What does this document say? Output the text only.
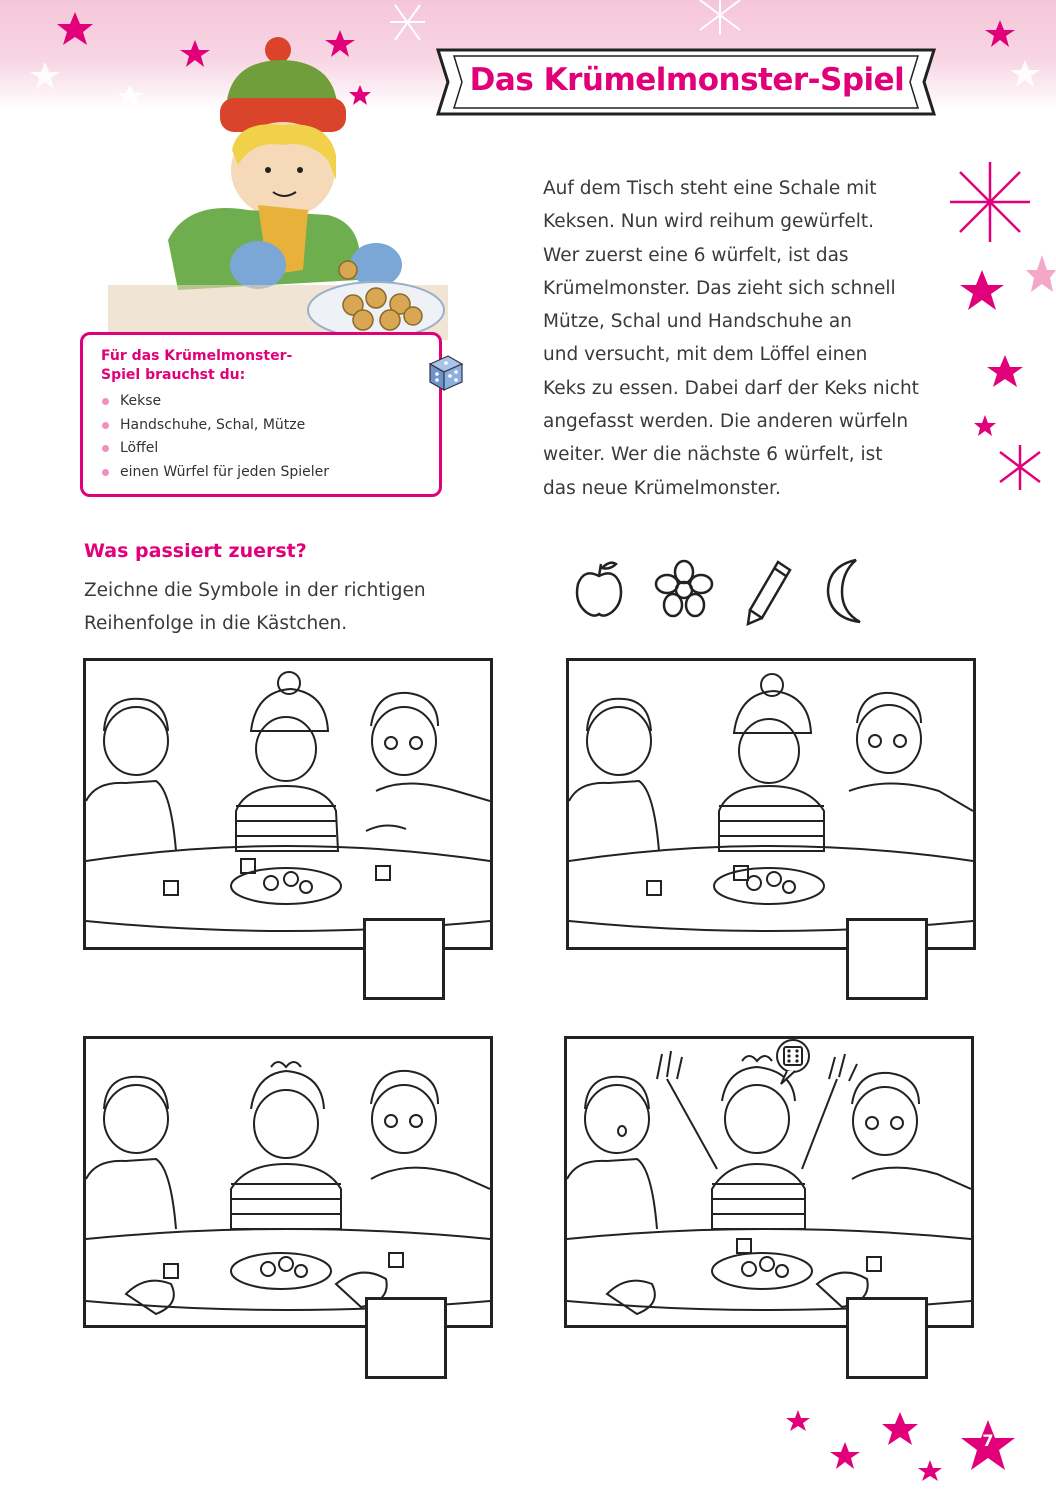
Das Krümelmonster-Spiel
Auf dem Tisch steht eine Schale mit
Keksen. Nun wird reihum gewürfelt.
Wer zuerst eine 6 würfelt, ist das
Krümelmonster. Das zieht sich schnell
Mütze, Schal und Handschuhe an
und versucht, mit dem Löffel einen
Keks zu essen. Dabei darf der Keks nicht
angefasst werden. Die anderen würfeln
weiter. Wer die nächste 6 würfelt, ist
das neue Krümelmonster.
Für das Krümelmonster-
Spiel brauchst du:
Kekse
Handschuhe, Schal, Mütze
Löffel
einen Würfel für jeden Spieler
Was passiert zuerst?
Zeichne die Symbole in der richtigen
Reihenfolge in die Kästchen.
7
